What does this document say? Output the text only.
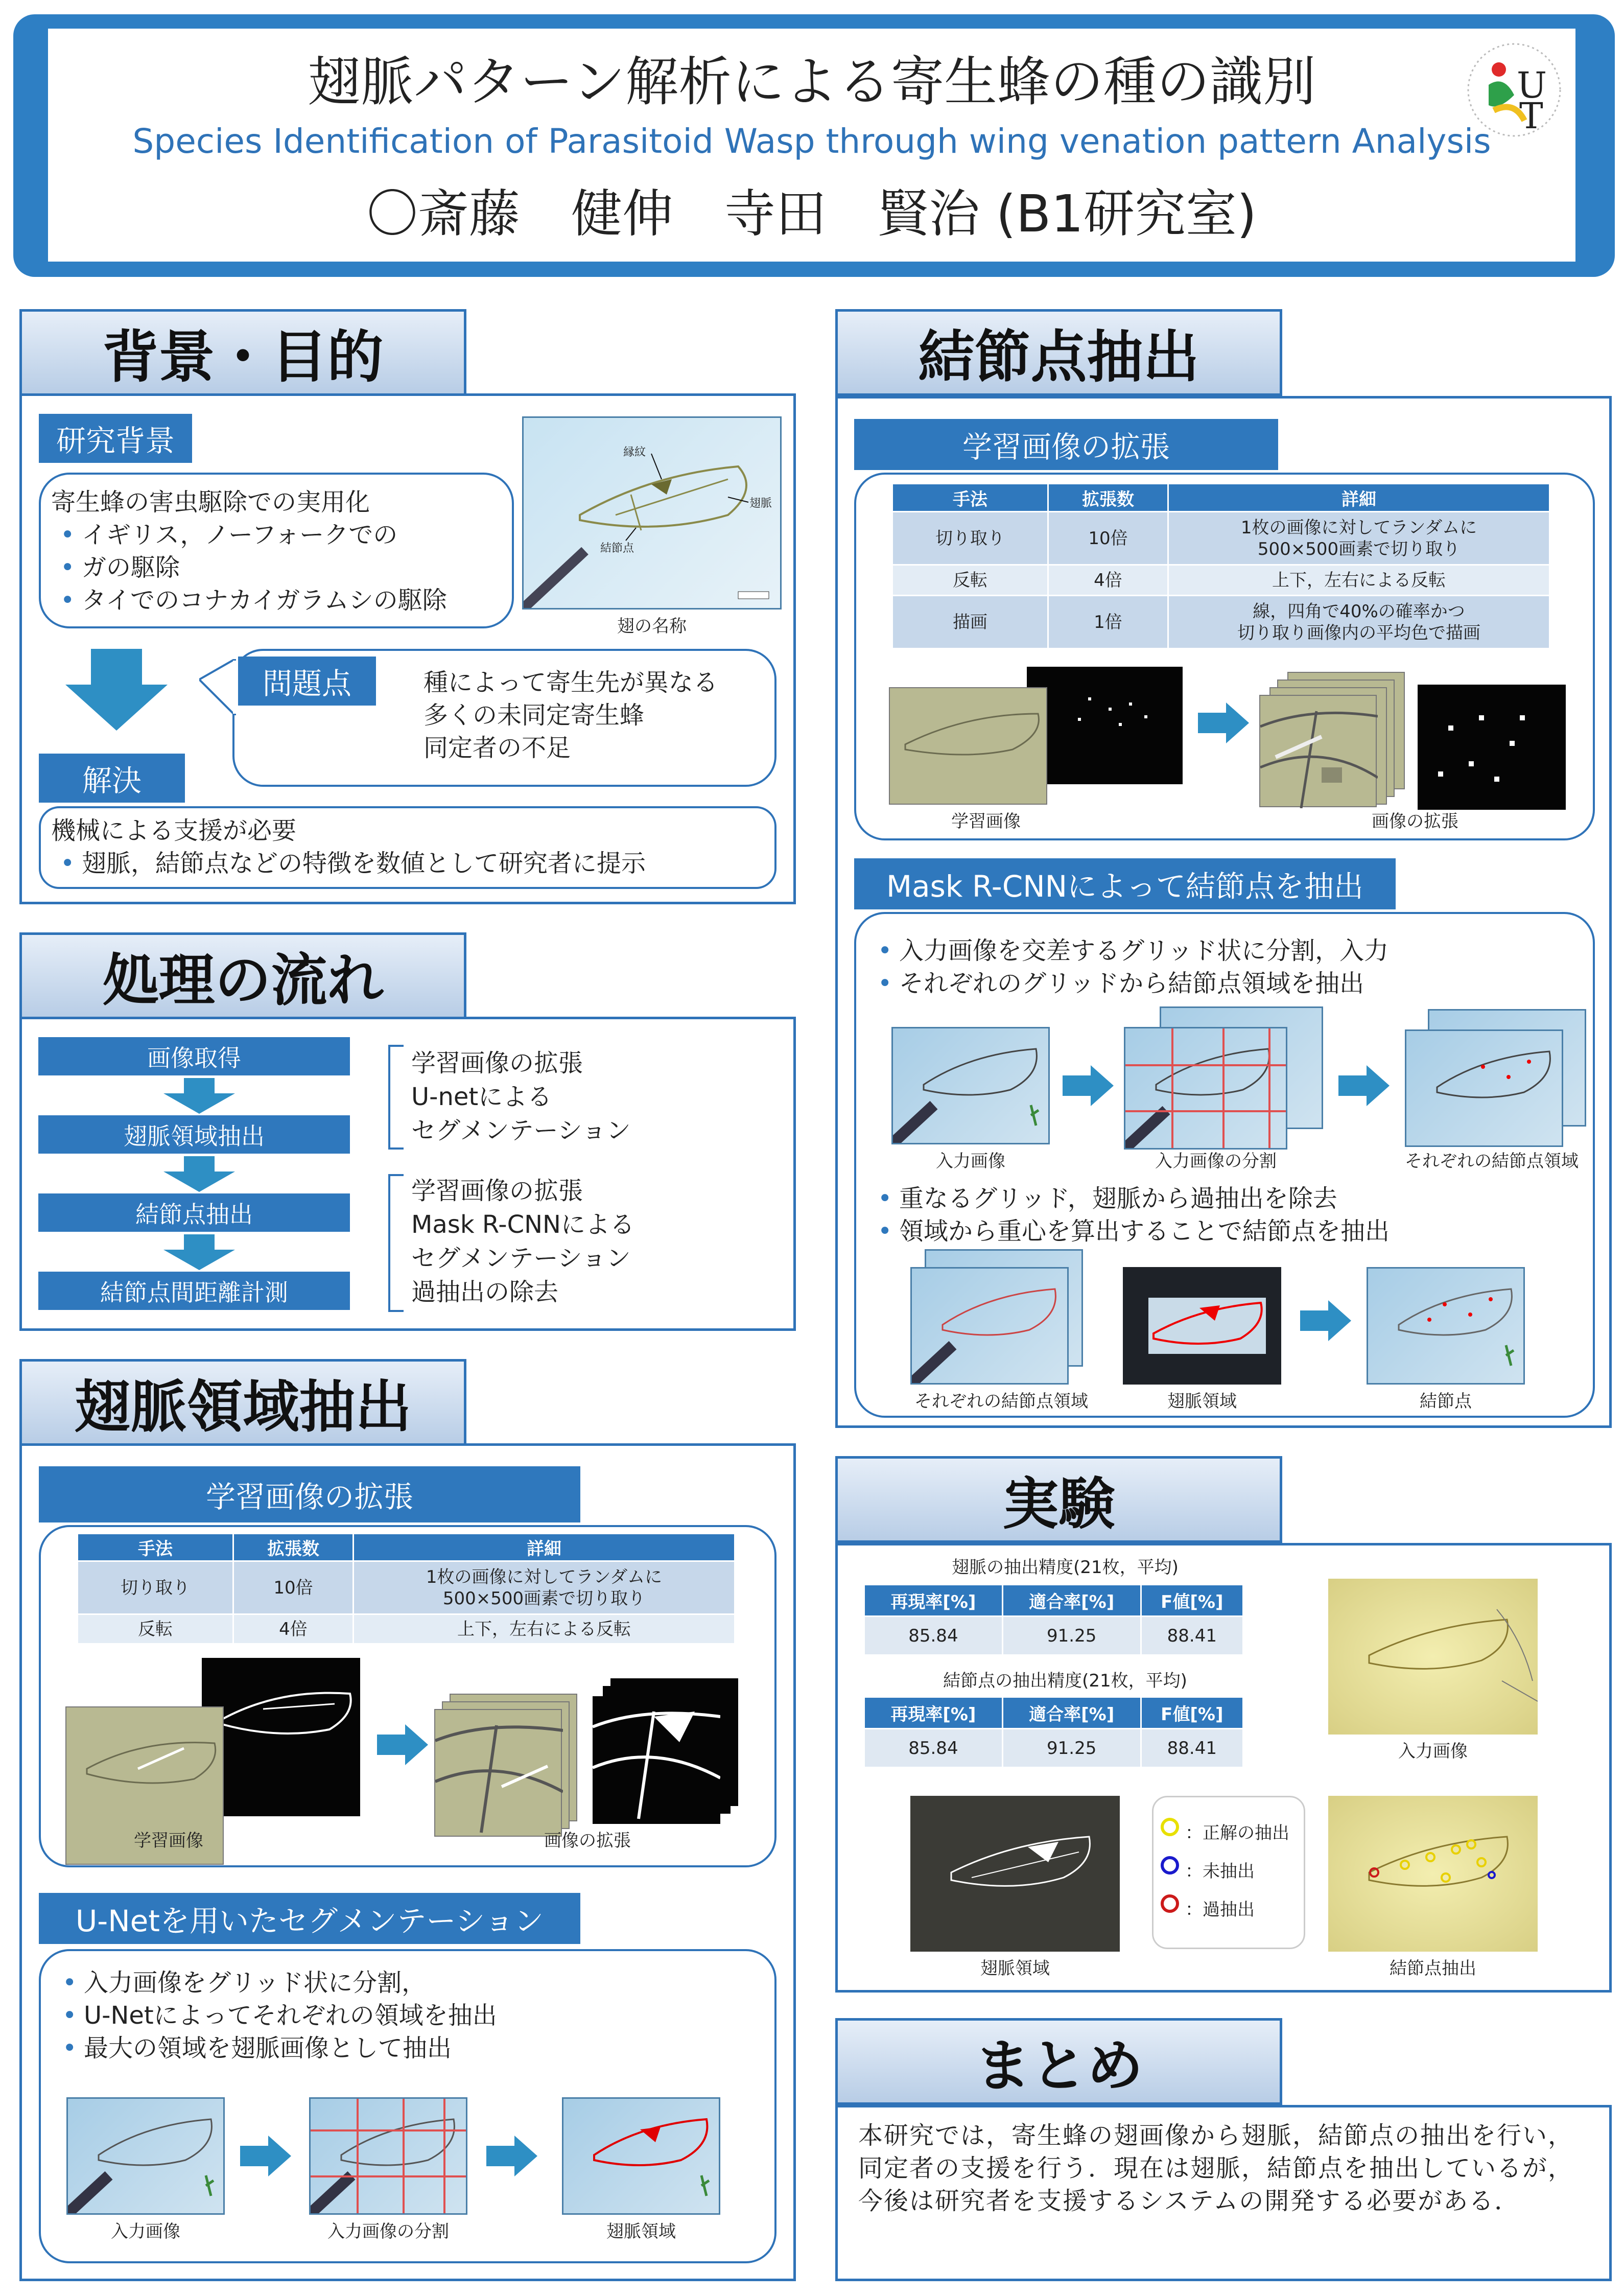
翅脈パターン解析による寄生蜂の種の識別
Species Identification of Parasitoid Wasp through wing venation pattern Analysis
〇斎藤　健伸　寺田　賢治 (B1研究室)
U
T
背景・目的
研究背景
寄生蜂の害虫駆除での実用化
• イギリス，ノーフォークでの
• ガの駆除
• タイでのコナカイガラムシの駆除
縁紋
翅脈
結節点
翅の名称
種によって寄生先が異なる
多くの未同定寄生蜂
同定者の不足
問題点
解決
機械による支援が必要
• 翅脈，結節点などの特徴を数値として研究者に提示
処理の流れ
画像取得
翅脈領域抽出
結節点抽出
結節点間距離計測
学習画像の拡張
U-netによる
セグメンテーション
学習画像の拡張
Mask R-CNNによる
セグメンテーション
過抽出の除去
翅脈領域抽出
学習画像の拡張
手法	拡張数	詳細
切り取り	10倍	1枚の画像に対してランダムに
500×500画素で切り取り

反転	4倍	上下，左右による反転
学習画像	画像の拡張
U-Netを用いたセグメンテーション
• 入力画像をグリッド状に分割，
• U-Netによってそれぞれの領域を抽出
• 最大の領域を翅脈画像として抽出
入力画像	入力画像の分割	翅脈領域
結節点抽出
学習画像の拡張
手法	拡張数	詳細
切り取り	10倍	1枚の画像に対してランダムに
500×500画素で切り取り

反転	4倍	上下，左右による反転
描画	1倍	線，四角で40%の確率かつ
切り取り画像内の平均色で描画
学習画像	画像の拡張
Mask R-CNNによって結節点を抽出
• 入力画像を交差するグリッド状に分割，入力
• それぞれのグリッドから結節点領域を抽出
• 重なるグリッド，翅脈から過抽出を除去
• 領域から重心を算出することで結節点を抽出
入力画像	入力画像の分割	それぞれの結節点領域
それぞれの結節点領域	翅脈領域	結節点
実験
翅脈の抽出精度(21枚，平均)
再現率[%]	適合率[%]	F値[%]
85.84	91.25	88.41
結節点の抽出精度(21枚，平均)
再現率[%]	適合率[%]	F値[%]
85.84	91.25	88.41	入力画像
翅脈領域
：正解の抽出
：未抽出
：過抽出
結節点抽出
まとめ
本研究では，寄生蜂の翅画像から翅脈，結節点の抽出を行い，同定者の支援を行う．現在は翅脈，結節点を抽出しているが，今後は研究者を支援するシステムの開発する必要がある．
